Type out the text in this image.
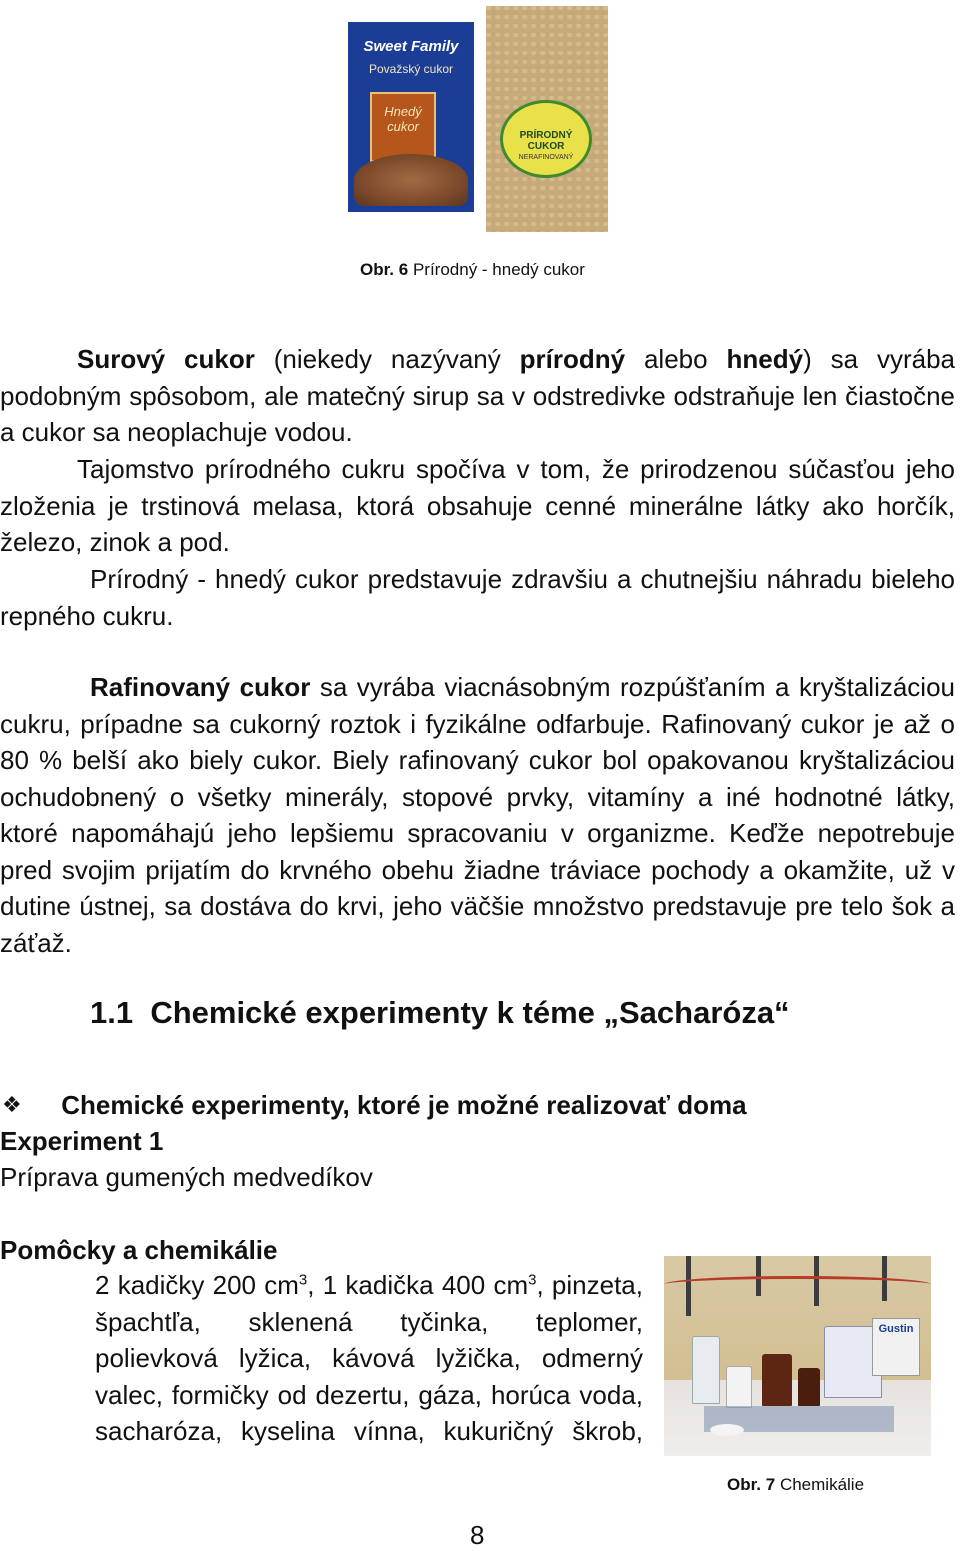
Sweet Family
Považský cukor
Hnedý cukor
PRÍRODNÝ CUKOR
NERAFINOVANÝ
Obr. 6 Prírodný - hnedý cukor

Surový cukor (niekedy nazývaný prírodný alebo hnedý) sa vyrába podobným spôsobom, ale matečný sirup sa v odstredivke odstraňuje len čiastočne a cukor sa neoplachuje vodou.

Tajomstvo prírodného cukru spočíva v tom, že prirodzenou súčasťou jeho zloženia je trstinová melasa, ktorá obsahuje cenné minerálne látky ako horčík, železo, zinok a pod.

Prírodný - hnedý cukor predstavuje zdravšiu a chutnejšiu náhradu bieleho repného cukru.

Rafinovaný cukor sa vyrába viacnásobným rozpúšťaním a kryštalizáciou cukru, prípadne sa cukorný roztok i fyzikálne odfarbuje. Rafinovaný cukor je až o 80 % belší ako biely cukor. Biely rafinovaný cukor bol opakovanou kryštalizáciou ochudobnený o všetky minerály, stopové prvky, vitamíny a iné hodnotné látky, ktoré napomáhajú jeho lepšiemu spracovaniu v organizme. Keďže nepotrebuje pred svojim prijatím do krvného obehu žiadne tráviace pochody a okamžite, už v dutine ústnej, sa dostáva do krvi, jeho väčšie množstvo predstavuje pre telo šok a záťaž.

1.1  Chemické experimenty k téme „Sacharóza“
❖ Chemické experimenty, ktoré je možné realizovať doma
Experiment 1
Príprava gumených medvedíkov
Pomôcky a chemikálie

2 kadičky 200 $cm^3$, 1 kadička 400 $cm^3$, pinzeta,

špachtľa, sklenená tyčinka, teplomer,

polievková lyžica, kávová lyžička, odmerný

valec, formičky od dezertu, gáza, horúca voda,

sacharóza, kyselina vínna, kukuričný škrob,

Gustin
Obr. 7 Chemikálie
8
